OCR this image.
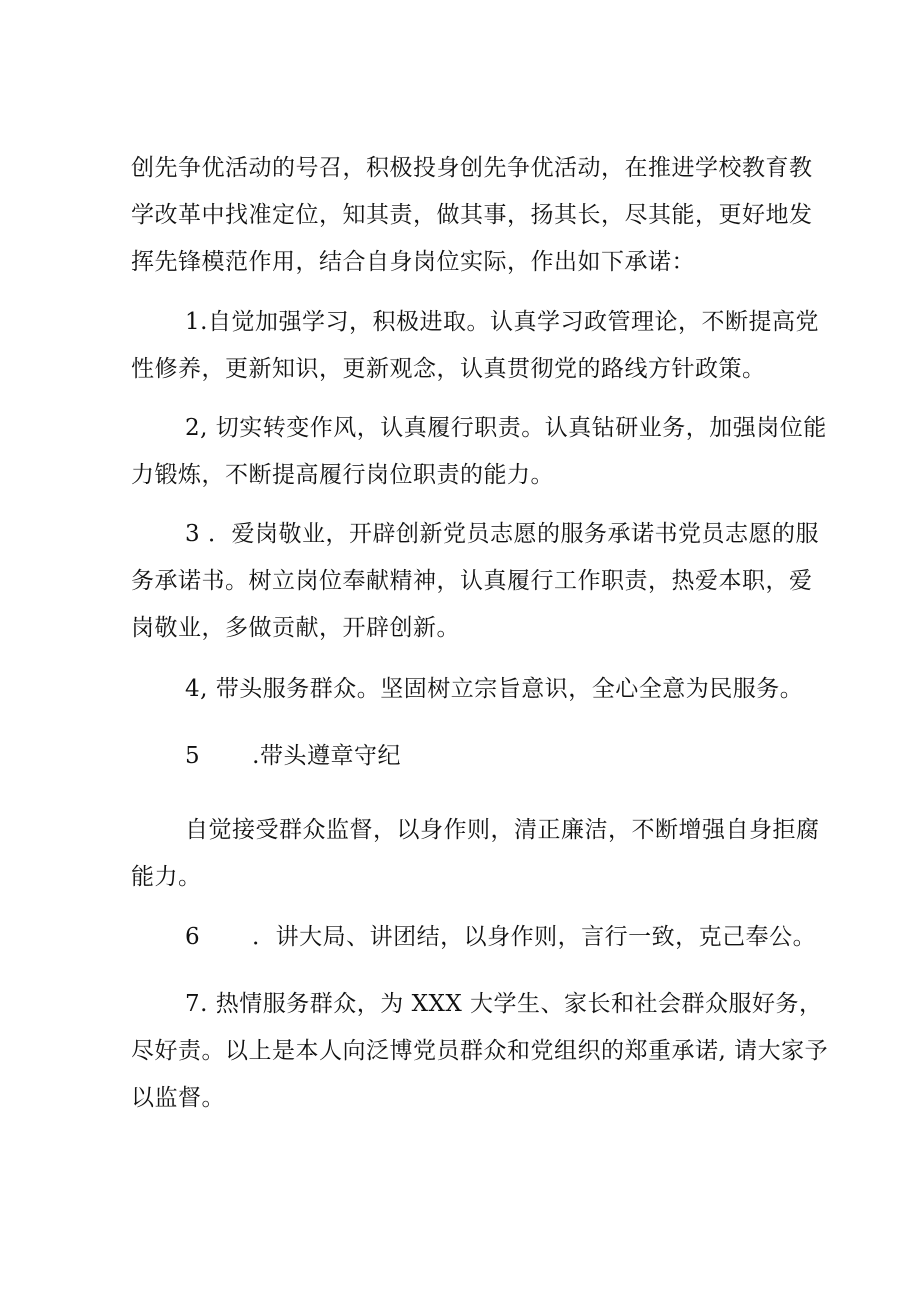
创先争优活动的号召，积极投身创先争优活动，在推进学校教育教
学改革中找准定位，知其责，做其事，扬其长，尽其能，更好地发
挥先锋模范作用，结合自身岗位实际，作出如下承诺：
1.自觉加强学习，积极进取。认真学习政管理论，不断提高党
性修养，更新知识，更新观念，认真贯彻党的路线方针政策。
2, 切实转变作风，认真履行职责。认真钻研业务，加强岗位能
力锻炼，不断提高履行岗位职责的能力。
3 ．爱岗敬业，开辟创新党员志愿的服务承诺书党员志愿的服
务承诺书。树立岗位奉献精神，认真履行工作职责，热爱本职，爱
岗敬业，多做贡献，开辟创新。
4, 带头服务群众。坚固树立宗旨意识，全心全意为民服务。
5 .带头遵章守纪
自觉接受群众监督，以身作则，清正廉洁，不断增强自身拒腐
能力。
6 ．讲大局、讲团结，以身作则，言行一致，克己奉公。
7. 热情服务群众，为 XXX 大学生、家长和社会群众服好务，
尽好责。以上是本人向泛博党员群众和党组织的郑重承诺, 请大家予
以监督。
